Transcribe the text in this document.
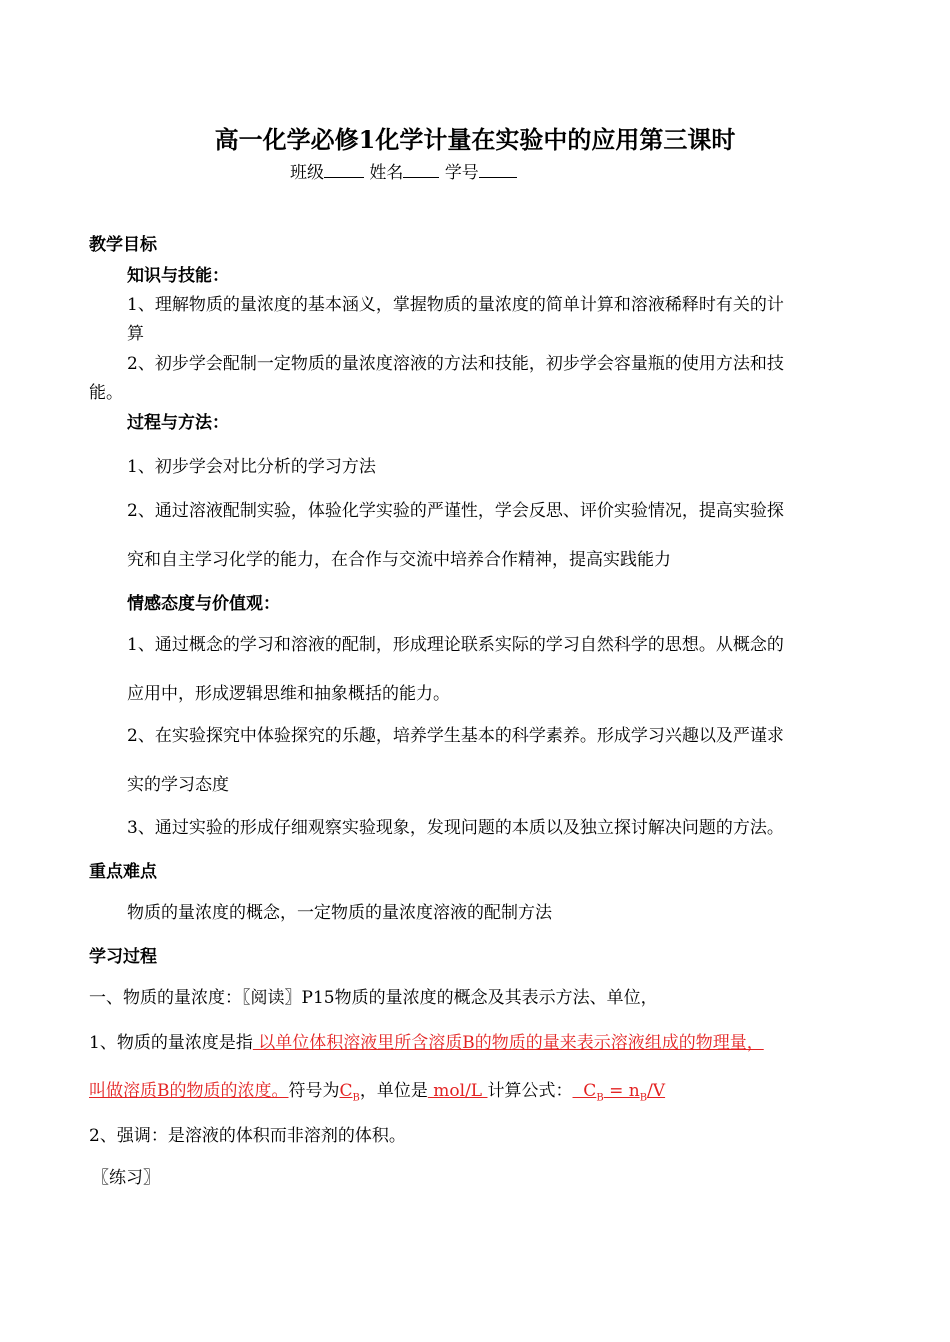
高一化学必修1化学计量在实验中的应用第三课时
班级	姓名 学号
教学目标
知识与技能：
1、理解物质的量浓度的基本涵义，掌握物质的量浓度的简单计算和溶液稀释时有关的计
算
2、初步学会配制一定物质的量浓度溶液的方法和技能，初步学会容量瓶的使用方法和技
能。
过程与方法：
1、初步学会对比分析的学习方法
2、通过溶液配制实验，体验化学实验的严谨性，学会反思、评价实验情况，提高实验探
究和自主学习化学的能力，在合作与交流中培养合作精神，提高实践能力
情感态度与价值观：
1、通过概念的学习和溶液的配制，形成理论联系实际的学习自然科学的思想。从概念的
应用中，形成逻辑思维和抽象概括的能力。
2、在实验探究中体验探究的乐趣，培养学生基本的科学素养。形成学习兴趣以及严谨求
实的学习态度
3、通过实验的形成仔细观察实验现象，发现问题的本质以及独立探讨解决问题的方法。
重点难点
物质的量浓度的概念，一定物质的量浓度溶液的配制方法
学习过程
一、物质的量浓度：〖阅读〗P15物质的量浓度的概念及其表示方法、单位，
1、物质的量浓度是指 以单位体积溶液里所含溶质B的物质的量来表示溶液组成的物理量，
叫做溶质B的物质的浓度。符号为$C_B$，单位是 mol/L 计算公式：  $C_B = n_B/V$
2、强调：是溶液的体积而非溶剂的体积。
〖练习〗
